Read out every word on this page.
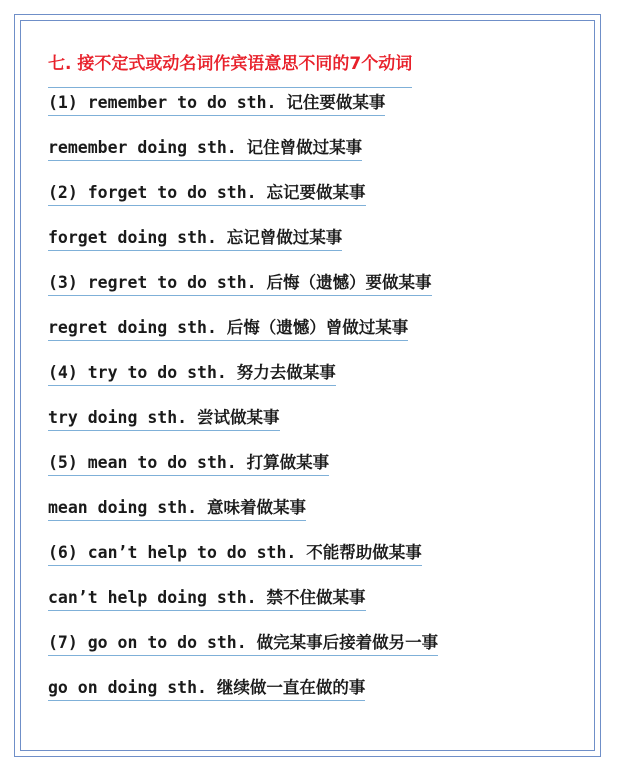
七. 接不定式或动名词作宾语意思不同的7个动词
(1) remember to do sth. 记住要做某事
remember doing sth. 记住曾做过某事
(2) forget to do sth. 忘记要做某事
forget doing sth. 忘记曾做过某事
(3) regret to do sth. 后悔（遗憾）要做某事
regret doing sth. 后悔（遗憾）曾做过某事
(4) try to do sth. 努力去做某事
try doing sth. 尝试做某事
(5) mean to do sth. 打算做某事
mean doing sth. 意味着做某事
(6) can’t help to do sth. 不能帮助做某事
can’t help doing sth. 禁不住做某事
(7) go on to do sth. 做完某事后接着做另一事
go on doing sth. 继续做一直在做的事
